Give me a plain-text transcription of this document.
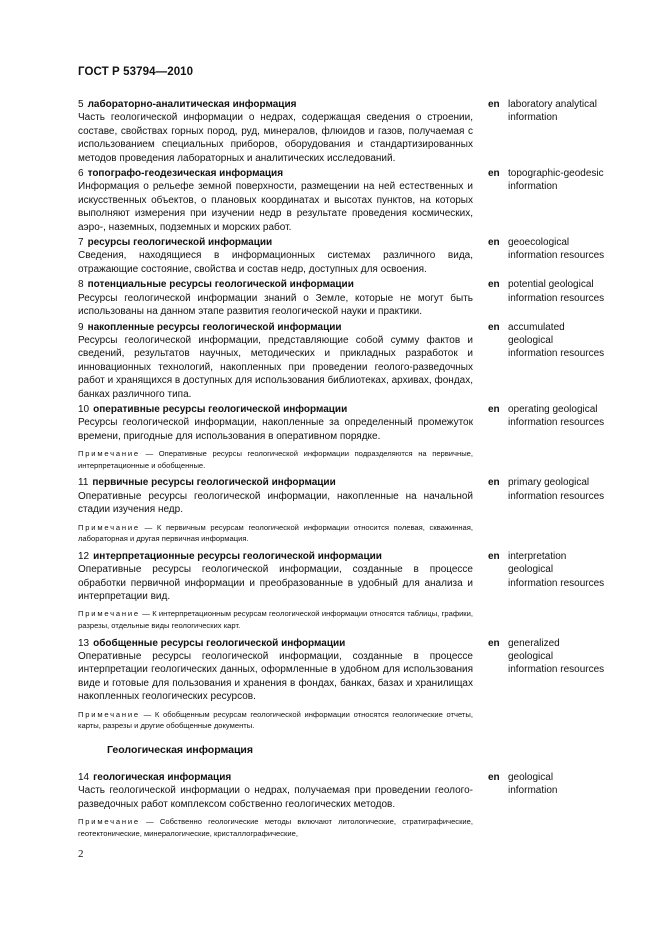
ГОСТ Р 53794—2010
5 лабораторно-аналитическая информация
Часть геологической информации о недрах, содержащая сведения о строении, составе, свойствах горных пород, руд, минералов, флюидов и газов, получаемая с использованием специальных приборов, оборудования и стандартизированных методов проведения лабораторных и аналитических исследований.
en laboratory analytical
information
6 топографо-геодезическая информация
Информация о рельефе земной поверхности, размещении на ней естественных и искусственных объектов, о плановых координатах и высотах пунктов, на которых выполняют измерения при изучении недр в результате проведения космических, аэро-, наземных, подземных и морских работ.
en topographic-geodesic
information
7 ресурсы геологической информации
Сведения, находящиеся в информационных системах различного вида, отражающие состояние, свойства и состав недр, доступных для освоения.
en geoecological
information resources
8 потенциальные ресурсы геологической информации
Ресурсы геологической информации знаний о Земле, которые не могут быть использованы на данном этапе развития геологической науки и практики.
en potential geological
information resources
9 накопленные ресурсы геологической информации
Ресурсы геологической информации, представляющие собой сумму фактов и сведений, результатов научных, методических и прикладных разработок и инновационных технологий, накопленных при проведении геолого-разведочных работ и хранящихся в доступных для использования библиотеках, архивах, фондах, банках различного типа.
en accumulated
geological
information resources
10 оперативные ресурсы геологической информации
Ресурсы геологической информации, накопленные за определенный промежуток времени, пригодные для использования в оперативном порядке.
Примечание — Оперативные ресурсы геологической информации подразделяются на первичные, интерпретационные и обобщенные.
en operating geological
information resources
11 первичные ресурсы геологической информации
Оперативные ресурсы геологической информации, накопленные на начальной стадии изучения недр.
Примечание — К первичным ресурсам геологической информации относится полевая, скважинная, лабораторная и другая первичная информация.
en primary geological
information resources
12 интерпретационные ресурсы геологической информации
Оперативные ресурсы геологической информации, созданные в процессе обработки первичной информации и преобразованные в удобный для анализа и интерпретации вид.
Примечание — К интерпретационным ресурсам геологической информации относятся таблицы, графики, разрезы, отдельные виды геологических карт.
en interpretation
geological
information resources
13 обобщенные ресурсы геологической информации
Оперативные ресурсы геологической информации, созданные в процессе интерпретации геологических данных, оформленные в удобном для использования виде и готовые для пользования и хранения в фондах, банках, базах и хранилищах накопленных геологических ресурсов.
Примечание — К обобщенным ресурсам геологической информации относятся геологические отчеты, карты, разрезы и другие обобщенные документы.
en generalized
geological
information resources
Геологическая информация
14 геологическая информация
Часть геологической информации о недрах, получаемая при проведении геолого-разведочных работ комплексом собственно геологических методов.
Примечание — Собственно геологические методы включают литологические, стратиграфические, геотектонические, минералогические, кристаллографические,
en geological
information
2
